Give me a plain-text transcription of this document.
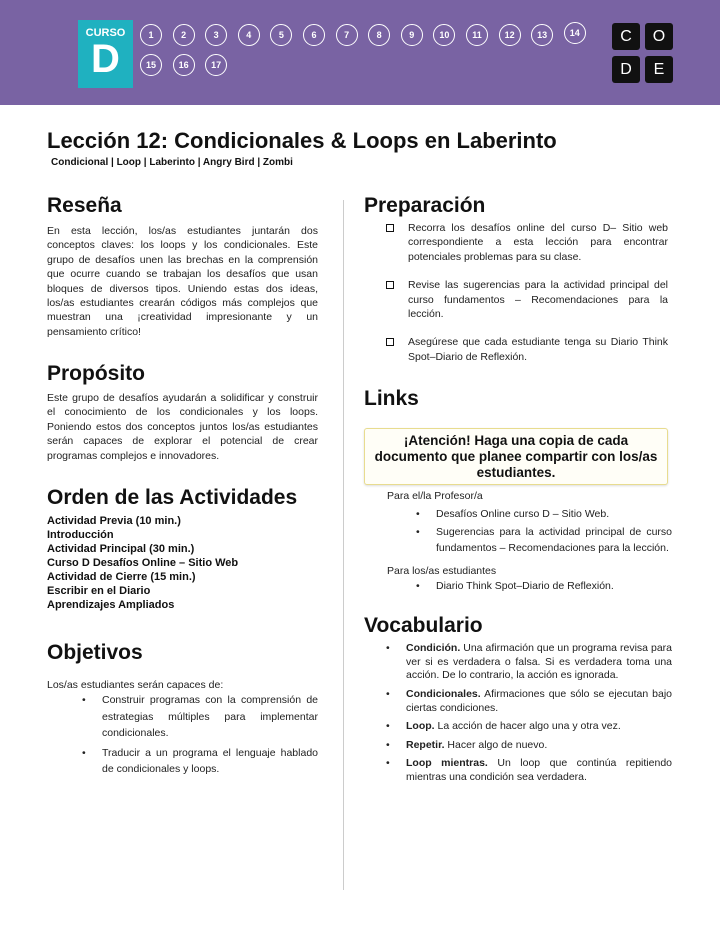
CURSO
D
1	2	3	4	5	6	7	8	9	10	11	12	13	14
15	16	17
C	O
D	E
Lección 12: Condicionales & Loops en Laberinto
Condicional | Loop | Laberinto | Angry Bird | Zombi
Reseña
En esta lección, los/as estudiantes juntarán dos conceptos claves: los loops y los condicionales. Este grupo de desafíos unen las brechas en la comprensión que ocurre cuando se trabajan los desafíos que usan bloques de diversos tipos. Uniendo estas dos ideas, los/as estudiantes crearán códigos más complejos que muestran una ¡creatividad impresionante y un pensamiento crítico!
Propósito
Este grupo de desafíos ayudarán a solidificar y construir el conocimiento de los condicionales y los loops. Poniendo estos dos conceptos juntos los/as estudiantes serán capaces de explorar el potencial de crear programas complejos e innovadores.
Orden de las Actividades
Actividad Previa (10 min.)
Introducción
Actividad Principal (30 min.)
Curso D Desafíos Online – Sitio Web
Actividad de Cierre (15 min.)
Escribir en el Diario
Aprendizajes Ampliados
Objetivos
Los/as estudiantes serán capaces de:
• Construir programas con la comprensión de estrategias múltiples para implementar condicionales.
• Traducir a un programa el lenguaje hablado de condicionales y loops.
Preparación
Recorra los desafíos online del curso D– Sitio web correspondiente a esta lección para encontrar potenciales problemas para su clase.
Revise las sugerencias para la actividad principal del curso fundamentos – Recomendaciones para la lección.
Asegúrese que cada estudiante tenga su Diario Think Spot–Diario de Reflexión.
Links
¡Atención! Haga una copia de cada documento que planee compartir con los/as estudiantes.
Para el/la Profesor/a
• Desafíos Online curso D – Sitio Web.
• Sugerencias para la actividad principal de curso fundamentos – Recomendaciones para la lección.
Para los/as estudiantes
• Diario Think Spot–Diario de Reflexión.
Vocabulario
• Condición. Una afirmación que un programa revisa para ver si es verdadera o falsa. Si es verdadera toma una acción. De lo contrario, la acción es ignorada.
• Condicionales. Afirmaciones que sólo se ejecutan bajo ciertas condiciones.
• Loop. La acción de hacer algo una y otra vez.
• Repetir. Hacer algo de nuevo.
• Loop mientras. Un loop que continúa repitiendo mientras una condición sea verdadera.
